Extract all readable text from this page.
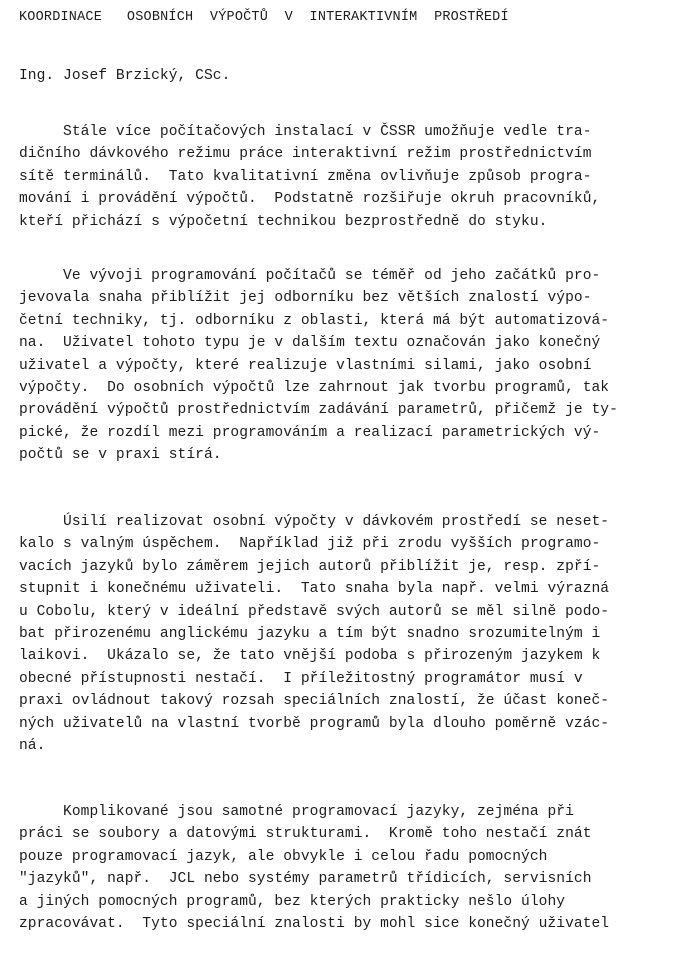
KOORDINACE   OSOBNÍCH  VÝPOČTŮ  V  INTERAKTIVNÍM  PROSTŘEDÍ
Ing. Josef Brzický, CSc.
Stále více počítačových instalací v ČSSR umožňuje vedle tra-
dičního dávkového režimu práce interaktivní režim prostřednictvím
sítě terminálů.  Tato kvalitativní změna ovlivňuje způsob progra-
mování i provádění výpočtů.  Podstatně rozšiřuje okruh pracovníků,
kteří přichází s výpočetní technikou bezprostředně do styku.
Ve vývoji programování počítačů se téměř od jeho začátků pro-
jevovala snaha přiblížit jej odborníku bez větších znalostí výpo-
četní techniky, tj. odborníku z oblasti, která má být automatizová-
na.  Uživatel tohoto typu je v dalším textu označován jako konečný
uživatel a výpočty, které realizuje vlastními silami, jako osobní
výpočty.  Do osobních výpočtů lze zahrnout jak tvorbu programů, tak
provádění výpočtů prostřednictvím zadávání parametrů, přičemž je ty-
pické, že rozdíl mezi programováním a realizací parametrických vý-
počtů se v praxi stírá.
Úsilí realizovat osobní výpočty v dávkovém prostředí se neset-
kalo s valným úspěchem.  Například již při zrodu vyšších programo-
vacích jazyků bylo záměrem jejich autorů přiblížit je, resp. zpří-
stupnit i konečnému uživateli.  Tato snaha byla např. velmi výrazná
u Cobolu, který v ideální představě svých autorů se měl silně podo-
bat přirozenému anglickému jazyku a tím být snadno srozumitelným i
laikovi.  Ukázalo se, že tato vnější podoba s přirozeným jazykem k
obecné přístupnosti nestačí.  I příležitostný programátor musí v
praxi ovládnout takový rozsah speciálních znalostí, že účast koneč-
ných uživatelů na vlastní tvorbě programů byla dlouho poměrně vzác-
ná.
Komplikované jsou samotné programovací jazyky, zejména při
práci se soubory a datovými strukturami.  Kromě toho nestačí znát
pouze programovací jazyk, ale obvykle i celou řadu pomocných
"jazyků", např.  JCL nebo systémy parametrů třídicích, servisních
a jiných pomocných programů, bez kterých prakticky nešlo úlohy
zpracovávat.  Tyto speciální znalosti by mohl sice konečný uživatel
